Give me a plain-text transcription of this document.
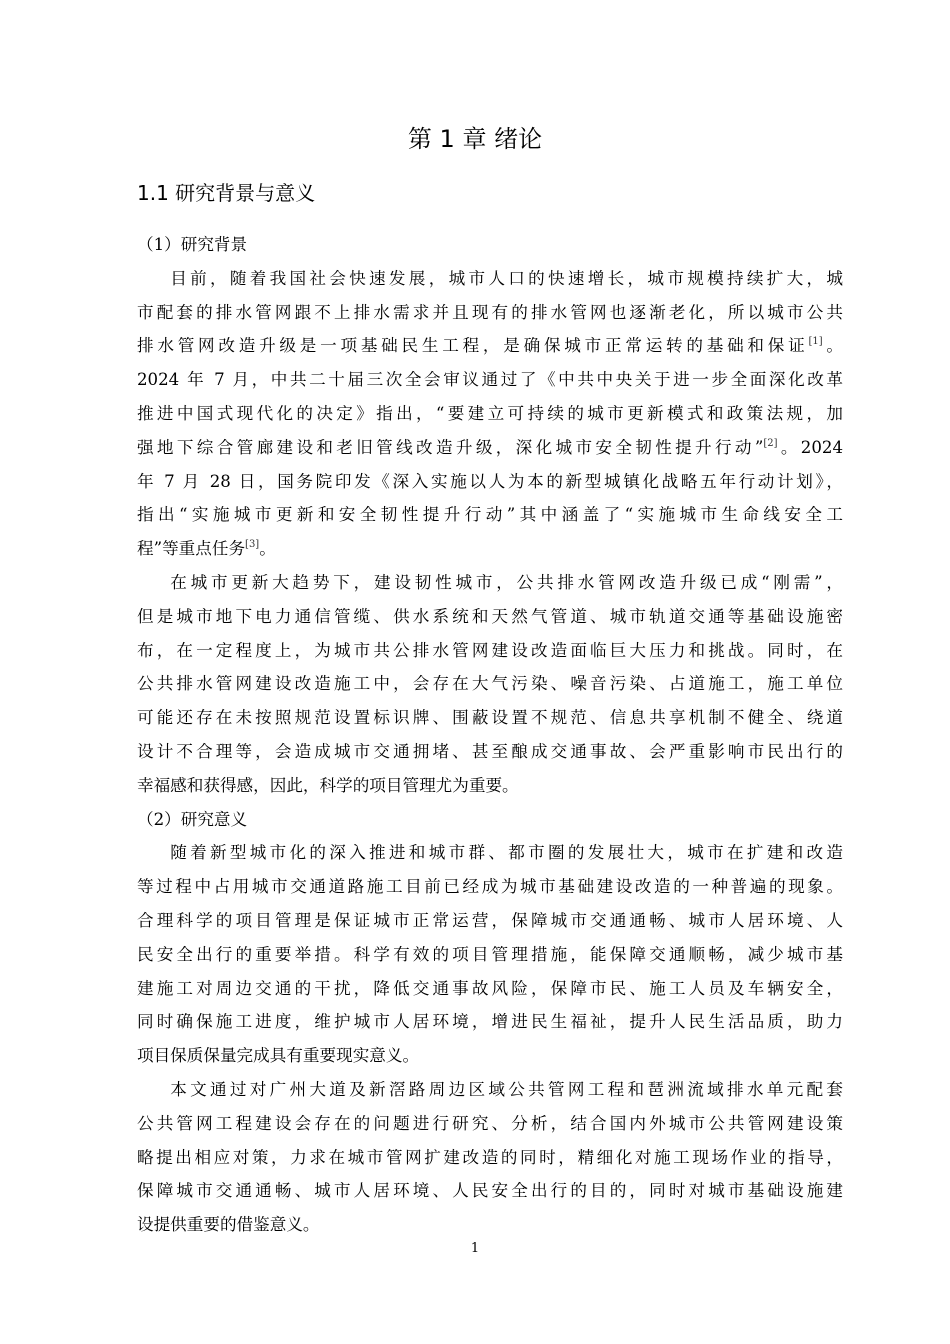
第 1 章 绪论
1.1 研究背景与意义
（1）研究背景
目前，随着我国社会快速发展，城市人口的快速增长，城市规模持续扩大，城
市配套的排水管网跟不上排水需求并且现有的排水管网也逐渐老化，所以城市公共
排水管网改造升级是一项基础民生工程，是确保城市正常运转的基础和保证[1]。
2024 年 7 月，中共二十届三次全会审议通过了《中共中央关于进一步全面深化改革
推进中国式现代化的决定》指出，“要建立可持续的城市更新模式和政策法规，加
强地下综合管廊建设和老旧管线改造升级，深化城市安全韧性提升行动”[2]。2024
年 7 月 28 日，国务院印发《深入实施以人为本的新型城镇化战略五年行动计划》，
指出“实施城市更新和安全韧性提升行动”其中涵盖了“实施城市生命线安全工
程”等重点任务[3]。
在城市更新大趋势下，建设韧性城市，公共排水管网改造升级已成“刚需”，
但是城市地下电力通信管缆、供水系统和天然气管道、城市轨道交通等基础设施密
布，在一定程度上，为城市共公排水管网建设改造面临巨大压力和挑战。同时，在
公共排水管网建设改造施工中，会存在大气污染、噪音污染、占道施工，施工单位
可能还存在未按照规范设置标识牌、围蔽设置不规范、信息共享机制不健全、绕道
设计不合理等，会造成城市交通拥堵、甚至酿成交通事故、会严重影响市民出行的
幸福感和获得感，因此，科学的项目管理尤为重要。
（2）研究意义
随着新型城市化的深入推进和城市群、都市圈的发展壮大，城市在扩建和改造
等过程中占用城市交通道路施工目前已经成为城市基础建设改造的一种普遍的现象。
合理科学的项目管理是保证城市正常运营，保障城市交通通畅、城市人居环境、人
民安全出行的重要举措。科学有效的项目管理措施，能保障交通顺畅，减少城市基
建施工对周边交通的干扰，降低交通事故风险，保障市民、施工人员及车辆安全，
同时确保施工进度，维护城市人居环境，增进民生福祉，提升人民生活品质，助力
项目保质保量完成具有重要现实意义。
本文通过对广州大道及新滘路周边区域公共管网工程和琶洲流域排水单元配套
公共管网工程建设会存在的问题进行研究、分析，结合国内外城市公共管网建设策
略提出相应对策，力求在城市管网扩建改造的同时，精细化对施工现场作业的指导，
保障城市交通通畅、城市人居环境、人民安全出行的目的，同时对城市基础设施建
设提供重要的借鉴意义。
1
